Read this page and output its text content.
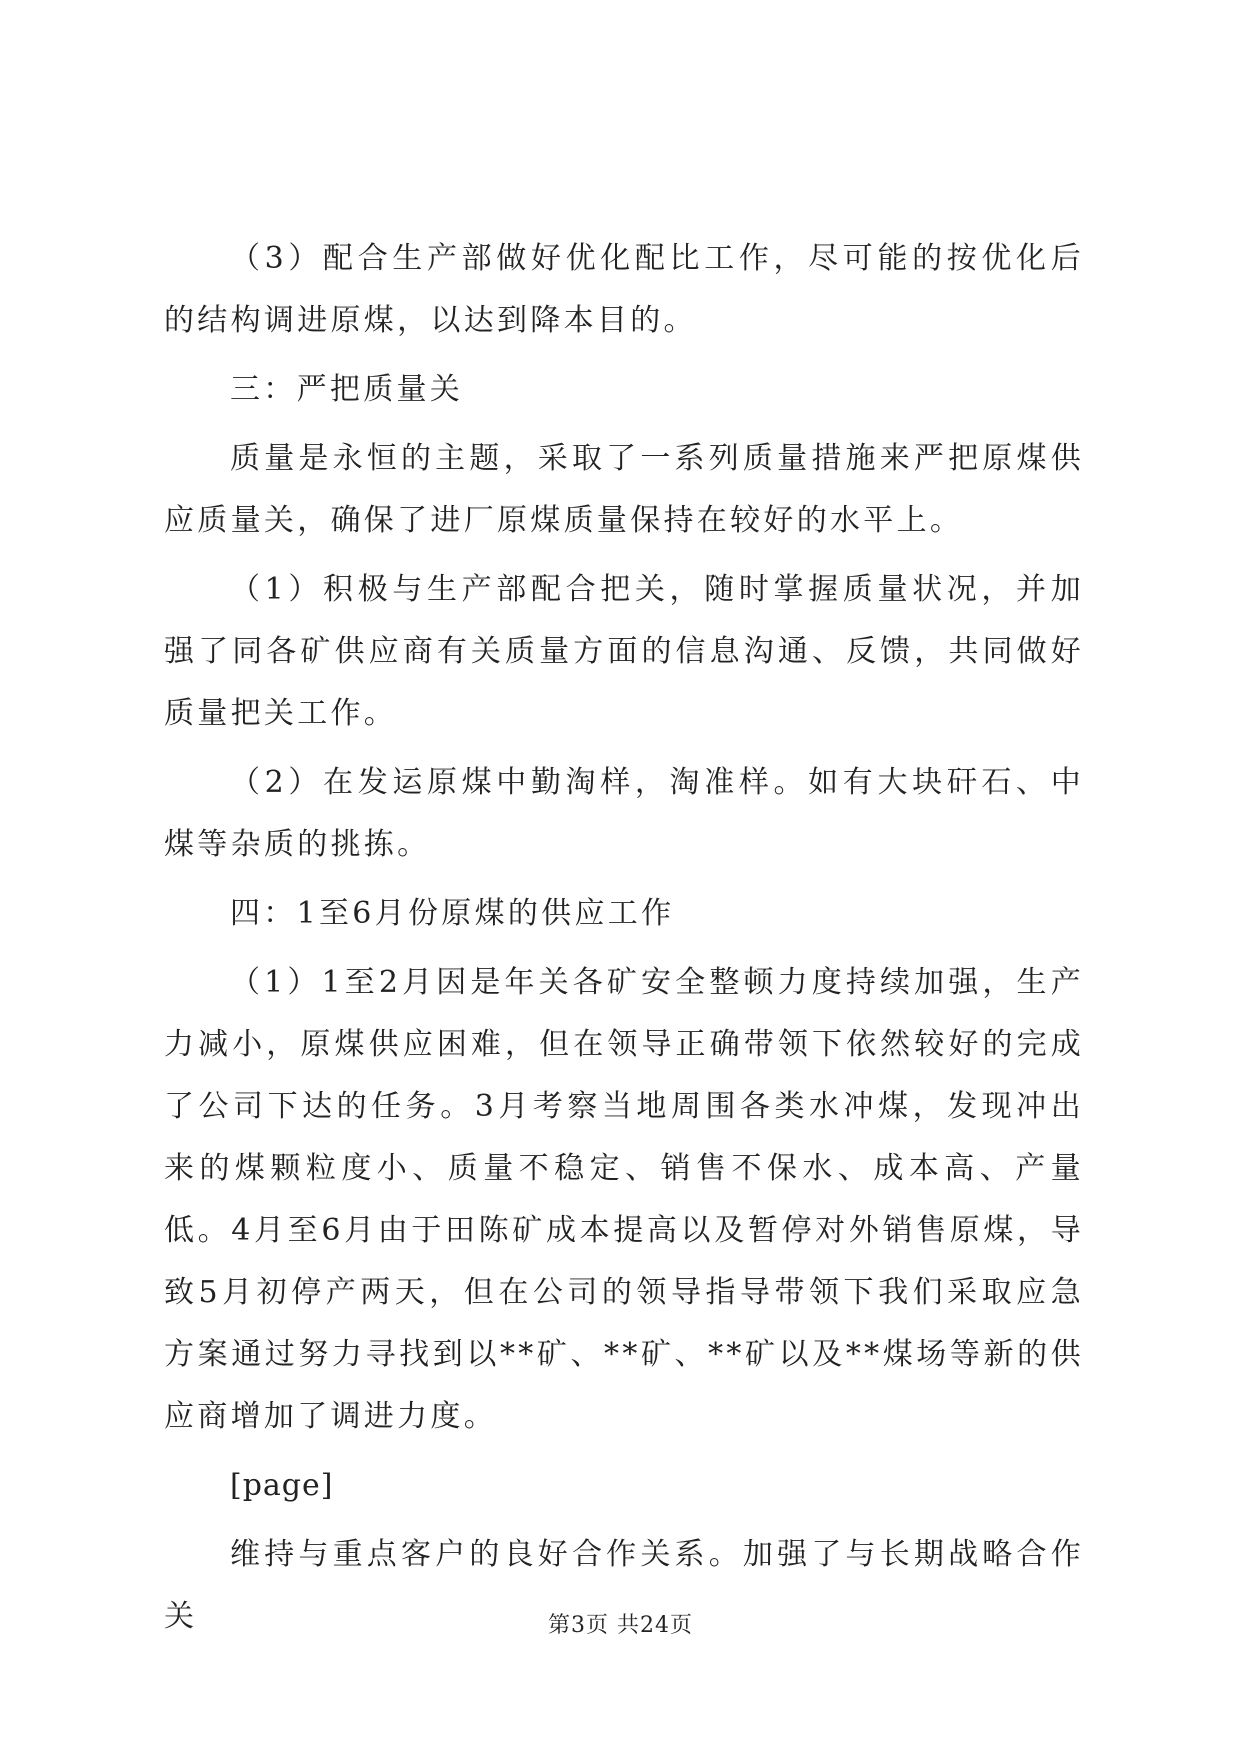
（3）配合生产部做好优化配比工作，尽可能的按优化后的结构调进原煤，以达到降本目的。

三：严把质量关

质量是永恒的主题，采取了一系列质量措施来严把原煤供应质量关，确保了进厂原煤质量保持在较好的水平上。

（1）积极与生产部配合把关，随时掌握质量状况，并加强了同各矿供应商有关质量方面的信息沟通、反馈，共同做好质量把关工作。

（2）在发运原煤中勤淘样，淘准样。如有大块矸石、中煤等杂质的挑拣。

四：1至6月份原煤的供应工作

（1）1至2月因是年关各矿安全整顿力度持续加强，生产力减小，原煤供应困难，但在领导正确带领下依然较好的完成了公司下达的任务。3月考察当地周围各类水冲煤，发现冲出来的煤颗粒度小、质量不稳定、销售不保水、成本高、产量低。4月至6月由于田陈矿成本提高以及暂停对外销售原煤，导致5月初停产两天，但在公司的领导指导带领下我们采取应急方案通过努力寻找到以**矿、**矿、**矿以及**煤场等新的供应商增加了调进力度。

[page]

维持与重点客户的良好合作关系。加强了与长期战略合作关	第3页 共24页
